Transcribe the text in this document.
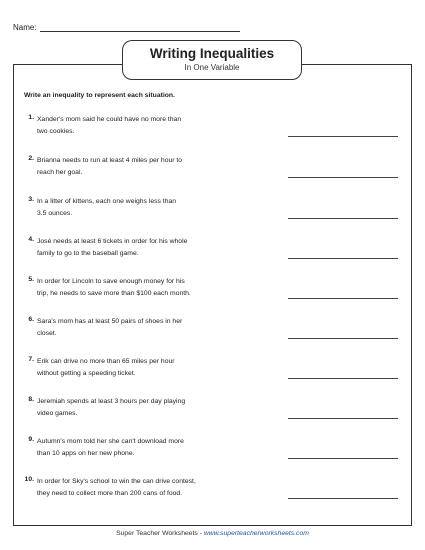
Name:
Writing Inequalities
In One Variable
Write an inequality to represent each situation.
1. Xander's mom said he could have no more than
two cookies.
2. Brianna needs to run at least 4 miles per hour to
reach her goal.
3. In a litter of kittens, each one weighs less than
3.5 ounces.
4. José needs at least 6 tickets in order for his whole
family to go to the baseball game.
5. In order for Lincoln to save enough money for his
trip, he needs to save more than $100 each month.
6. Sara's mom has at least 50 pairs of shoes in her
closet.
7. Erik can drive no more than 65 miles per hour
without getting a speeding ticket.
8. Jeremiah spends at least 3 hours per day playing
video games.
9. Autumn's mom told her she can't download more
than 10 apps on her new phone.
10. In order for Sky's school to win the can drive contest,
they need to collect more than 200 cans of food.
Super Teacher Worksheets - www.superteacherworksheets.com
